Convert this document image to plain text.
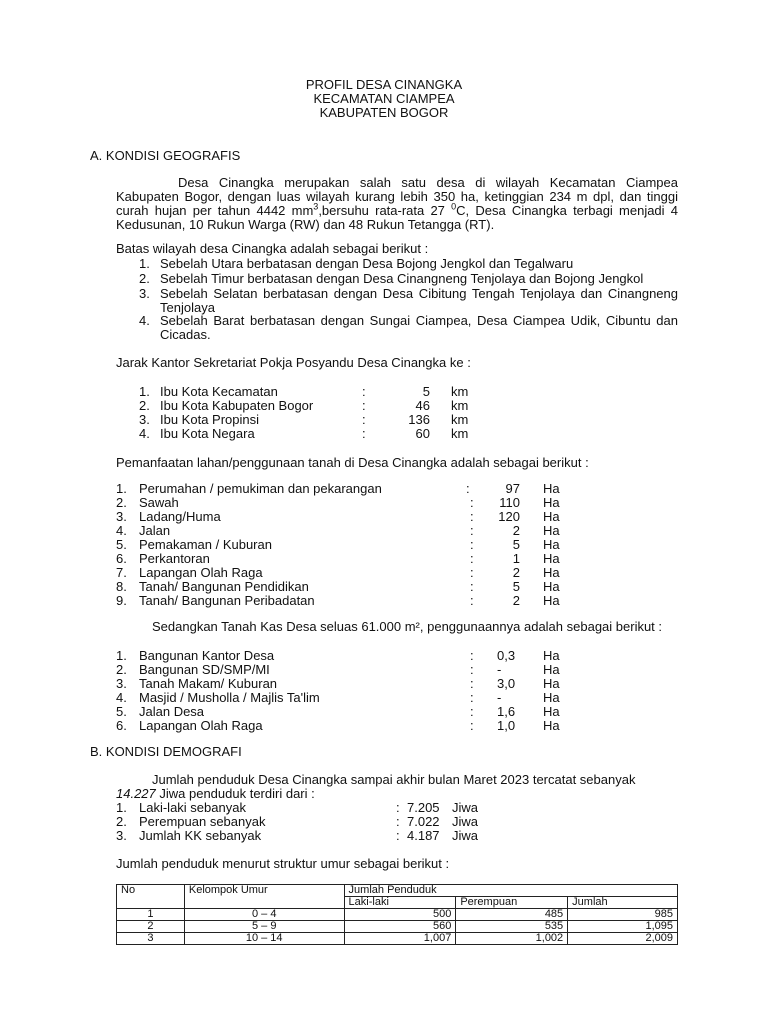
PROFIL DESA CINANGKA
KECAMATAN CIAMPEA
KABUPATEN BOGOR
A. KONDISI GEOGRAFIS

Desa Cinangka merupakan salah satu desa di wilayah Kecamatan Ciampea Kabupaten Bogor, dengan luas wilayah kurang lebih 350 ha, ketinggian 234 m dpl, dan tinggi curah hujan per tahun 4442 $mm^3,bersuhu$ rata-rata 27 $^0$C, Desa Cinangka terbagi menjadi 4 Kedusunan, 10 Rukun Warga (RW) dan 48 Rukun Tetangga (RT).

Batas wilayah desa Cinangka adalah sebagai berikut :
1. Sebelah Utara berbatasan dengan Desa Bojong Jengkol dan Tegalwaru
2. Sebelah Timur berbatasan dengan Desa Cinangneng Tenjolaya dan Bojong Jengkol
3. Sebelah Selatan berbatasan dengan Desa Cibitung Tengah Tenjolaya dan Cinangneng Tenjolaya
4. Sebelah Barat berbatasan dengan Sungai Ciampea, Desa Ciampea Udik, Cibuntu dan Cicadas.
Jarak Kantor Sekretariat Pokja Posyandu Desa Cinangka ke :
1. Ibu Kota Kecamatan	:	5 km
2. Ibu Kota Kabupaten Bogor	:	46 km
3. Ibu Kota Propinsi	:	136 km
4. Ibu Kota Negara	:	60 km
Pemanfaatan lahan/penggunaan tanah di Desa Cinangka adalah sebagai berikut :
1. Perumahan / pemukiman dan pekarangan	:	97 Ha
2. Sawah	:	110 Ha
3. Ladang/Huma	:	120 Ha
4. Jalan	:	2 Ha
5. Pemakaman / Kuburan	:	5 Ha
6. Perkantoran	:	1 Ha
7. Lapangan Olah Raga	:	2 Ha
8. Tanah/ Bangunan Pendidikan	:	5 Ha
9. Tanah/ Bangunan Peribadatan	:	2 Ha

Sedangkan Tanah Kas Desa seluas 61.000 m², penggunaannya adalah sebagai berikut :

1. Bangunan Kantor Desa	: 0,3 Ha
2. Bangunan SD/SMP/MI	: -	Ha
3. Tanah Makam/ Kuburan	: 3,0 Ha
4. Masjid / Musholla / Majlis Ta'lim	: -	Ha
5. Jalan Desa	: 1,6 Ha
6. Lapangan Olah Raga	: 1,0 Ha
B. KONDISI DEMOGRAFI
Jumlah penduduk Desa Cinangka sampai akhir bulan Maret 2023 tercatat sebanyak
14.227 Jiwa penduduk terdiri dari :
1. Laki-laki sebanyak	: 7.205 Jiwa
2. Perempuan sebanyak	: 7.022 Jiwa
3. Jumlah KK sebanyak	: 4.187 Jiwa
Jumlah penduduk menurut struktur umur sebagai berikut :
No	Kelompok Umur	Jumlah Penduduk		
		Laki-laki	Perempuan	Jumlah
1	0 – 4	500	485	985
2	5 – 9	560	535	1,095
3	10 – 14	1,007	1,002	2,009
